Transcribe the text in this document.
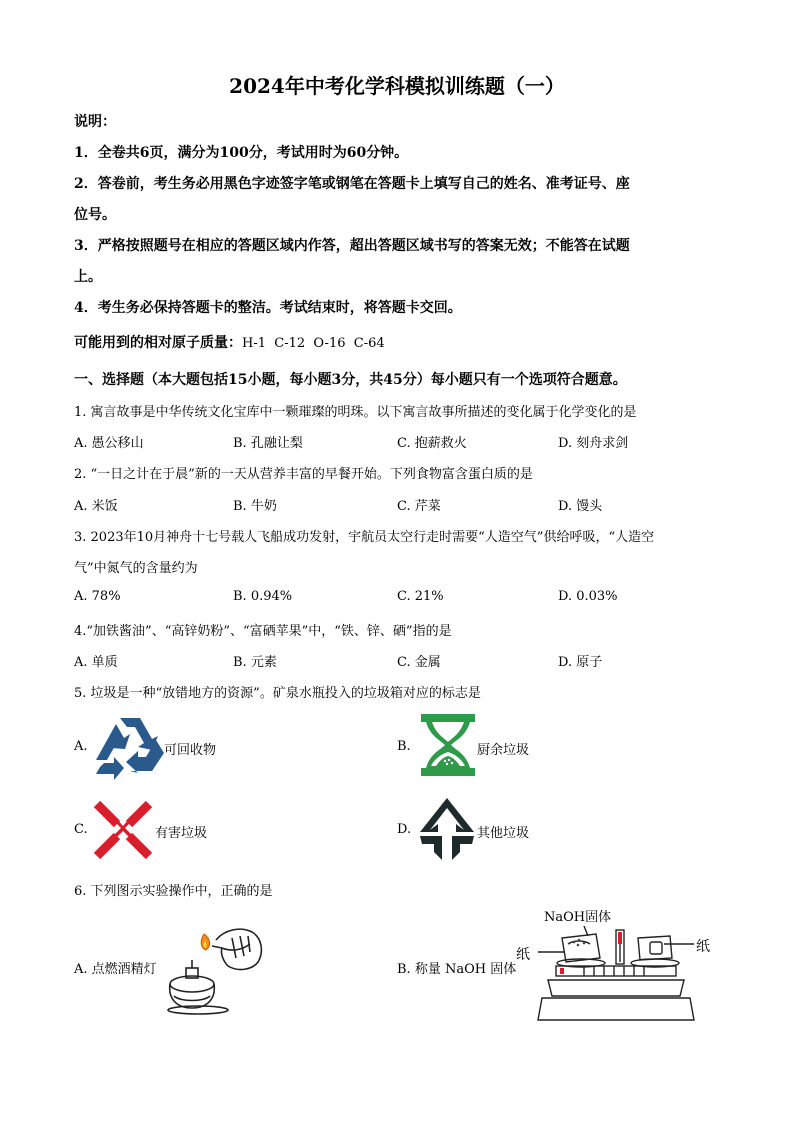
2024年中考化学科模拟训练题（一）
说明：
1．全卷共6页，满分为100分，考试用时为60分钟。
2．答卷前，考生务必用黑色字迹签字笔或钢笔在答题卡上填写自己的姓名、准考证号、座
位号。
3．严格按照题号在相应的答题区域内作答，超出答题区域书写的答案无效；不能答在试题
上。
4．考生务必保持答题卡的整洁。考试结束时，将答题卡交回。
可能用到的相对原子质量：H-1  C-12  O-16  C-64
一、选择题（本大题包括15小题，每小题3分，共45分）每小题只有一个选项符合题意。
1. 寓言故事是中华传统文化宝库中一颗璀璨的明珠。以下寓言故事所描述的变化属于化学变化的是
A. 愚公移山	B. 孔融让梨	C. 抱薪救火	D. 刻舟求剑
2. “一日之计在于晨”新的一天从营养丰富的早餐开始。下列食物富含蛋白质的是
A. 米饭	B. 牛奶	C. 芹菜	D. 馒头
3. 2023年10月神舟十七号载人飞船成功发射，宇航员太空行走时需要“人造空气”供给呼吸，“人造空
气”中氮气的含量约为
A. 78%	B. 0.94%	C. 21%	D. 0.03%
4.“加铁酱油”、“高锌奶粉”、“富硒苹果”中，“铁、锌、硒”指的是
A. 单质	B. 元素	C. 金属	D. 原子
5. 垃圾是一种“放错地方的资源”。矿泉水瓶投入的垃圾箱对应的标志是
A.	可回收物	B.	厨余垃圾
C.	有害垃圾	D.	其他垃圾
6. 下列图示实验操作中，正确的是
A. 点燃酒精灯	B. 称量 NaOH 固体
NaOH固体
纸	纸
